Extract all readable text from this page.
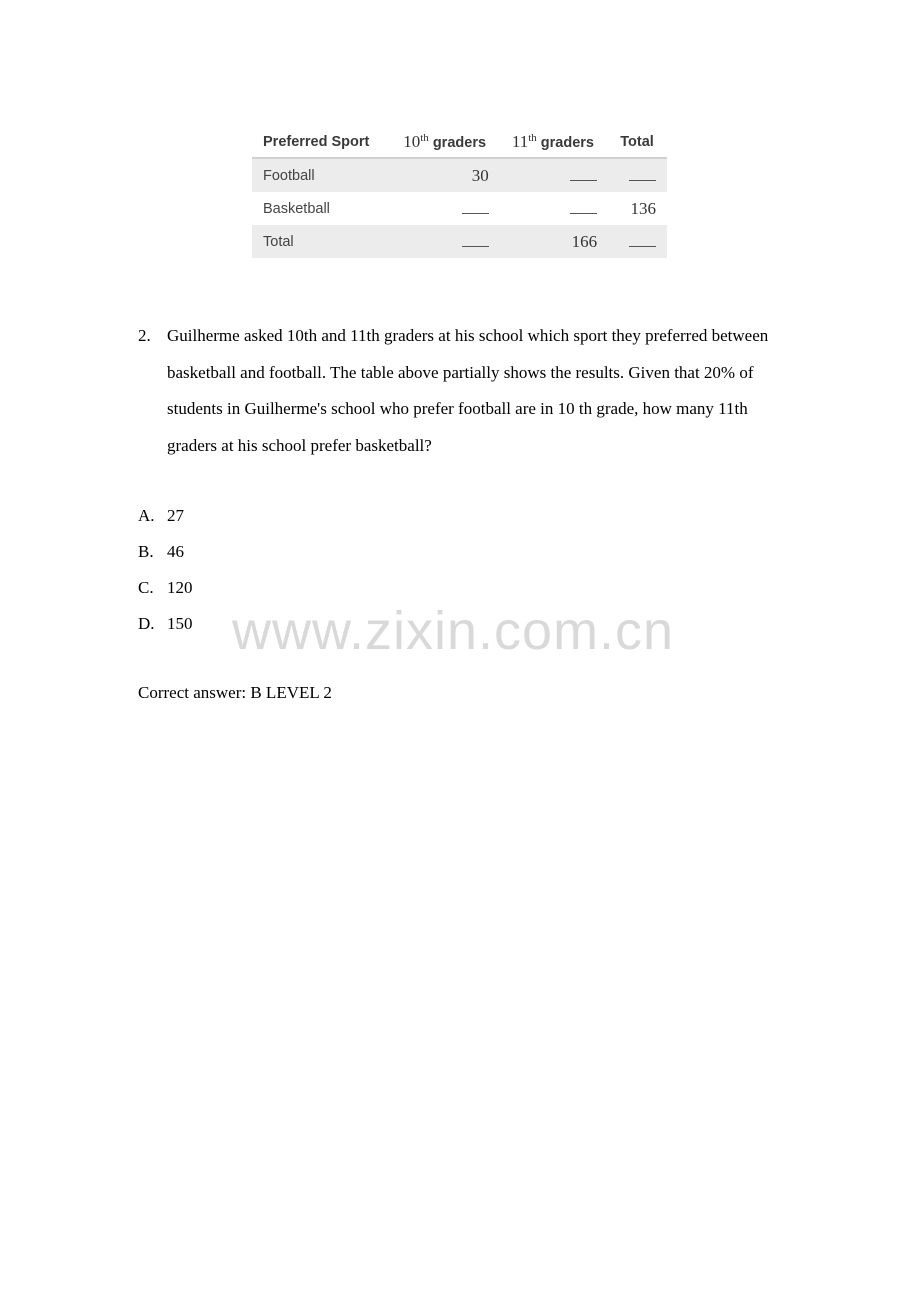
Preferred Sport	10th graders	11th graders	Total
Football	30		
Basketball			136
Total		166	
2. Guilherme asked 10th and 11th graders at his school which sport they preferred between basketball and football. The table above partially shows the results. Given that 20% of students in Guilherme's school who prefer football are in 10 th grade, how many 11th graders at his school prefer basketball?
A. 27
B. 46
C. 120
D. 150 www.zixin.com.cn
Correct answer: B LEVEL 2
